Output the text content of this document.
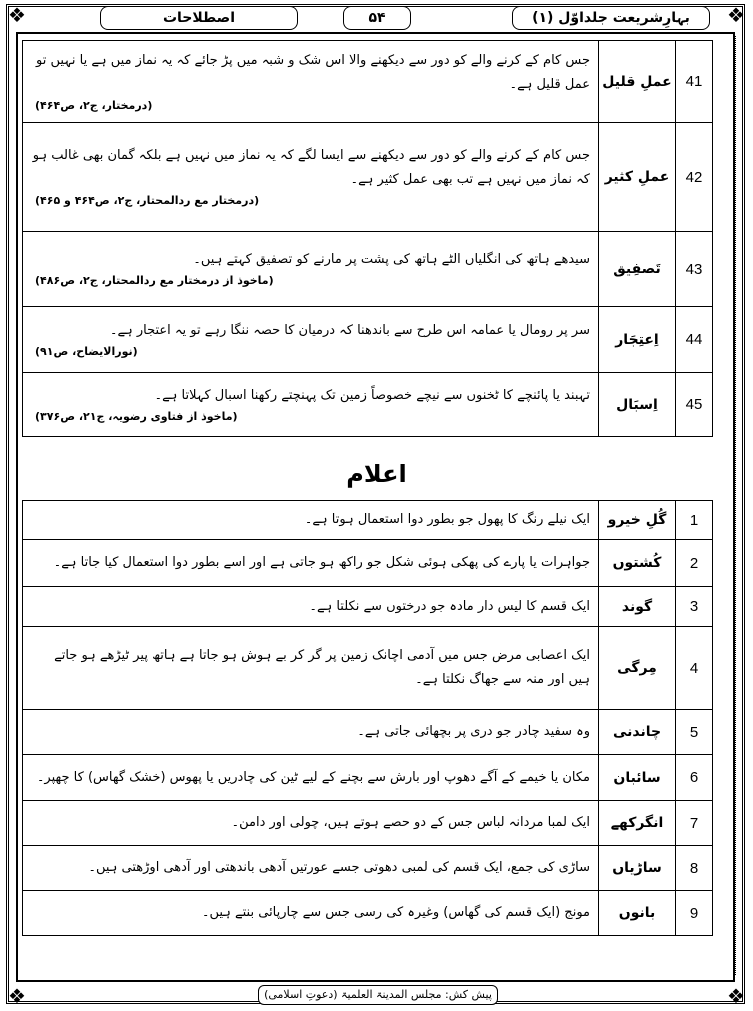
❖	❖
❖	❖
اصطلاحات	۵۴	بہارِشریعت جلداوّل (۱)
41	عملِ قلیل	جس کام کے کرنے والے کو دور سے دیکھنے والا اس شک و شبہ میں پڑ جائے کہ یہ نماز میں ہے یا نہیں تو عمل قلیل ہے۔
(درمختار، ج۲، ص۴۶۴)

42	عملِ کثیر	جس کام کے کرنے والے کو دور سے دیکھنے سے ایسا لگے کہ یہ نماز میں نہیں ہے بلکہ گمان بھی غالب ہو کہ نماز میں نہیں ہے تب بھی عمل کثیر ہے۔
(درمختار مع ردالمحتار، ج۲، ص۴۶۴ و ۴۶۵)

43	تَصفِیق	سیدھے ہاتھ کی انگلیاں الٹے ہاتھ کی پشت پر مارنے کو تصفیق کہتے ہیں۔
(ماخوذ از درمختار مع ردالمحتار، ج۲، ص۴۸۶)

44	اِعتِجَار	سر پر رومال یا عمامہ اس طرح سے باندھنا کہ درمیان کا حصہ ننگا رہے تو یہ اعتجار ہے۔
(نورالایضاح، ص۹۱)

45	اِسبَال	تہبند یا پائنچے کا ٹخنوں سے نیچے خصوصاً زمین تک پہنچتے رکھنا اسبال کہلاتا ہے۔
(ماخوذ از فتاوی رضویہ، ج۲۱، ص۳۷۶)
اعلام
1	گُلِ خیرو	ایک نیلے رنگ کا پھول جو بطور دوا استعمال ہوتا ہے۔
2	کُشتوں	جواہرات یا پارے کی پھکی ہوئی شکل جو راکھ ہو جاتی ہے اور اسے بطور دوا استعمال کیا جاتا ہے۔
3	گوند	ایک قسم کا لیس دار مادہ جو درختوں سے نکلتا ہے۔
4	مِرگی	ایک اعصابی مرض جس میں آدمی اچانک زمین پر گر کر بے ہوش ہو جاتا ہے ہاتھ پیر ٹیڑھے ہو جاتے ہیں اور منہ سے جھاگ نکلتا ہے۔
5	چاندنی	وہ سفید چادر جو دری پر بچھائی جاتی ہے۔
6	سائبان	مکان یا خیمے کے آگے دھوپ اور بارش سے بچنے کے لیے ٹین کی چادریں یا پھوس (خشک گھاس) کا چھپر۔
7	انگرکھے	ایک لمبا مردانہ لباس جس کے دو حصے ہوتے ہیں، چولی اور دامن۔
8	ساڑیاں	ساڑی کی جمع، ایک قسم کی لمبی دھوتی جسے عورتیں آدھی باندھتی اور آدھی اوڑھتی ہیں۔
9	بانوں	مونج (ایک قسم کی گھاس) وغیرہ کی رسی جس سے چارپائی بنتے ہیں۔
پیش کش: مجلس المدینۃ العلمیۃ (دعوتِ اسلامی)
